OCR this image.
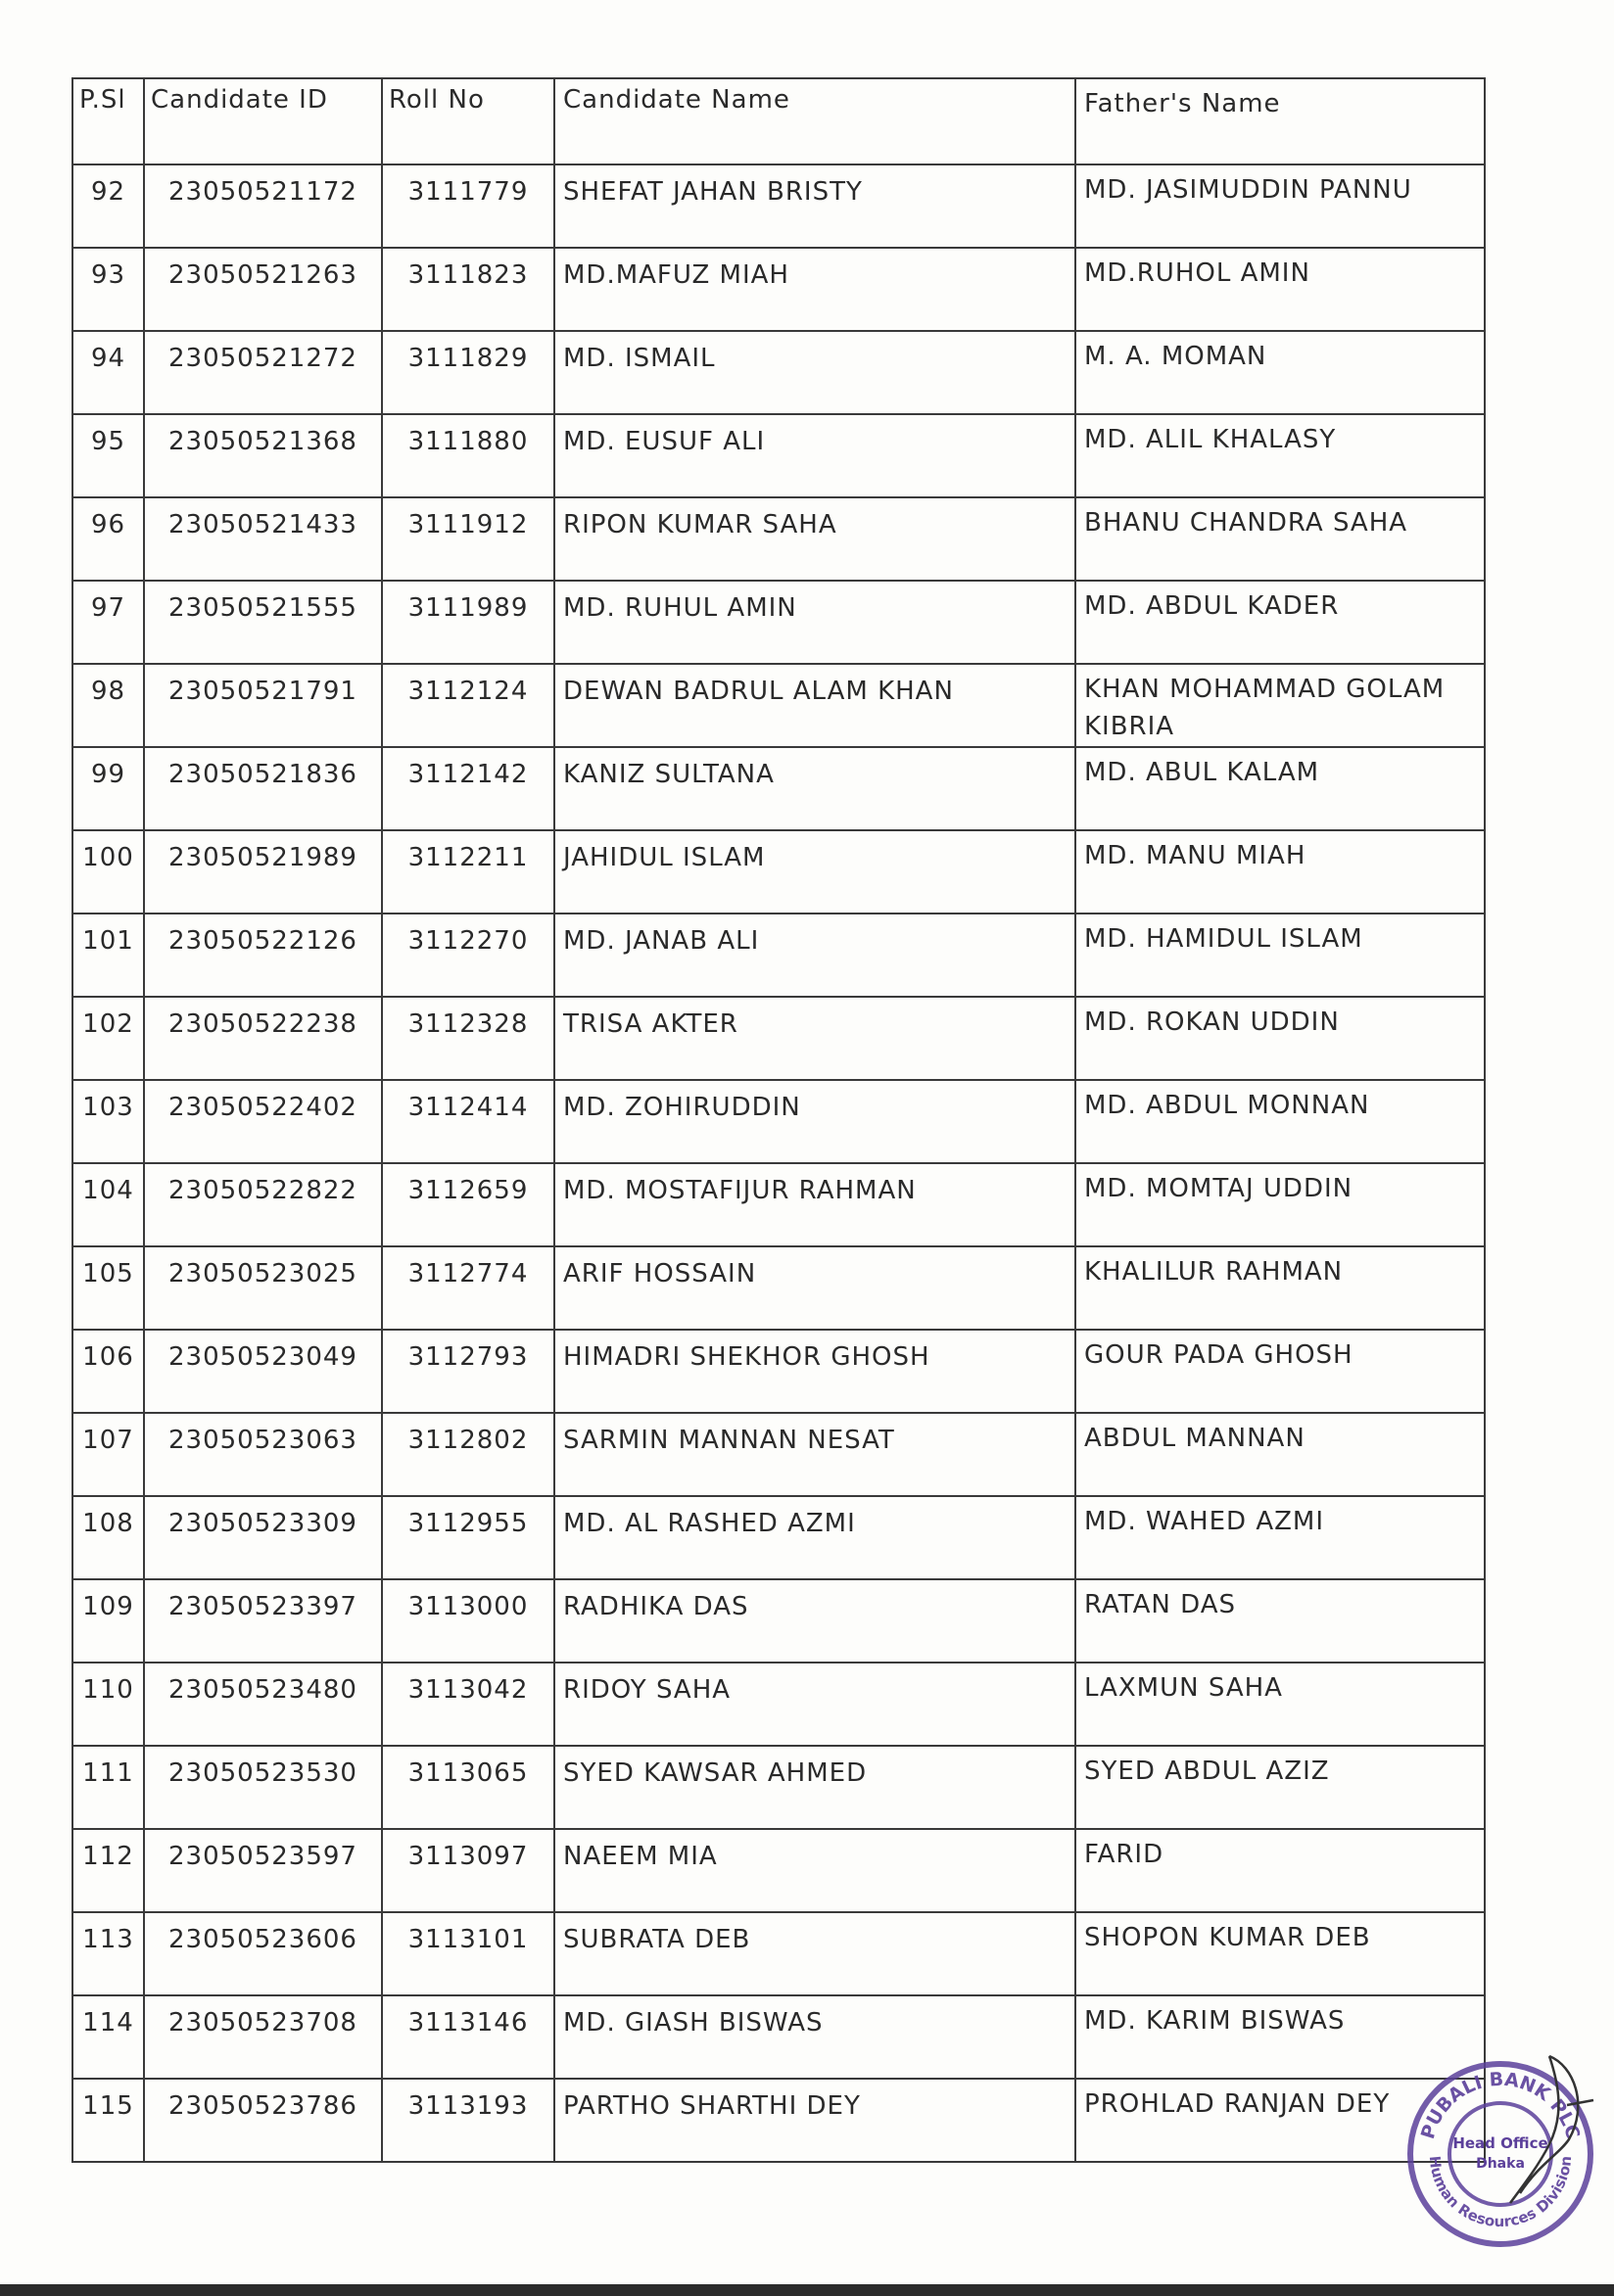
P.Sl	Candidate ID	Roll No	Candidate Name	Father's Name
92	23050521172	3111779	SHEFAT JAHAN BRISTY	MD. JASIMUDDIN PANNU
93	23050521263	3111823	MD.MAFUZ MIAH	MD.RUHOL AMIN
94	23050521272	3111829	MD. ISMAIL	M. A. MOMAN
95	23050521368	3111880	MD. EUSUF ALI	MD. ALIL KHALASY
96	23050521433	3111912	RIPON KUMAR SAHA	BHANU CHANDRA SAHA
97	23050521555	3111989	MD. RUHUL AMIN	MD. ABDUL KADER
98	23050521791	3112124	DEWAN BADRUL ALAM KHAN	KHAN MOHAMMAD GOLAM KIBRIA
99	23050521836	3112142	KANIZ SULTANA	MD. ABUL KALAM
100	23050521989	3112211	JAHIDUL ISLAM	MD. MANU MIAH
101	23050522126	3112270	MD. JANAB ALI	MD. HAMIDUL ISLAM
102	23050522238	3112328	TRISA AKTER	MD. ROKAN UDDIN
103	23050522402	3112414	MD. ZOHIRUDDIN	MD. ABDUL MONNAN
104	23050522822	3112659	MD. MOSTAFIJUR RAHMAN	MD. MOMTAJ UDDIN
105	23050523025	3112774	ARIF HOSSAIN	KHALILUR RAHMAN
106	23050523049	3112793	HIMADRI SHEKHOR GHOSH	GOUR PADA GHOSH
107	23050523063	3112802	SARMIN MANNAN NESAT	ABDUL MANNAN
108	23050523309	3112955	MD. AL RASHED AZMI	MD. WAHED AZMI
109	23050523397	3113000	RADHIKA DAS	RATAN DAS
110	23050523480	3113042	RIDOY SAHA	LAXMUN SAHA
111	23050523530	3113065	SYED KAWSAR AHMED	SYED ABDUL AZIZ
112	23050523597	3113097	NAEEM MIA	FARID
113	23050523606	3113101	SUBRATA DEB	SHOPON KUMAR DEB
114	23050523708	3113146	MD. GIASH BISWAS	MD. KARIM BISWAS
115	23050523786	3113193	PARTHO SHARTHI DEY	PROHLAD RANJAN DEY
PUBALI BANK PLC
Human Resources Division
Head Office
Dhaka
